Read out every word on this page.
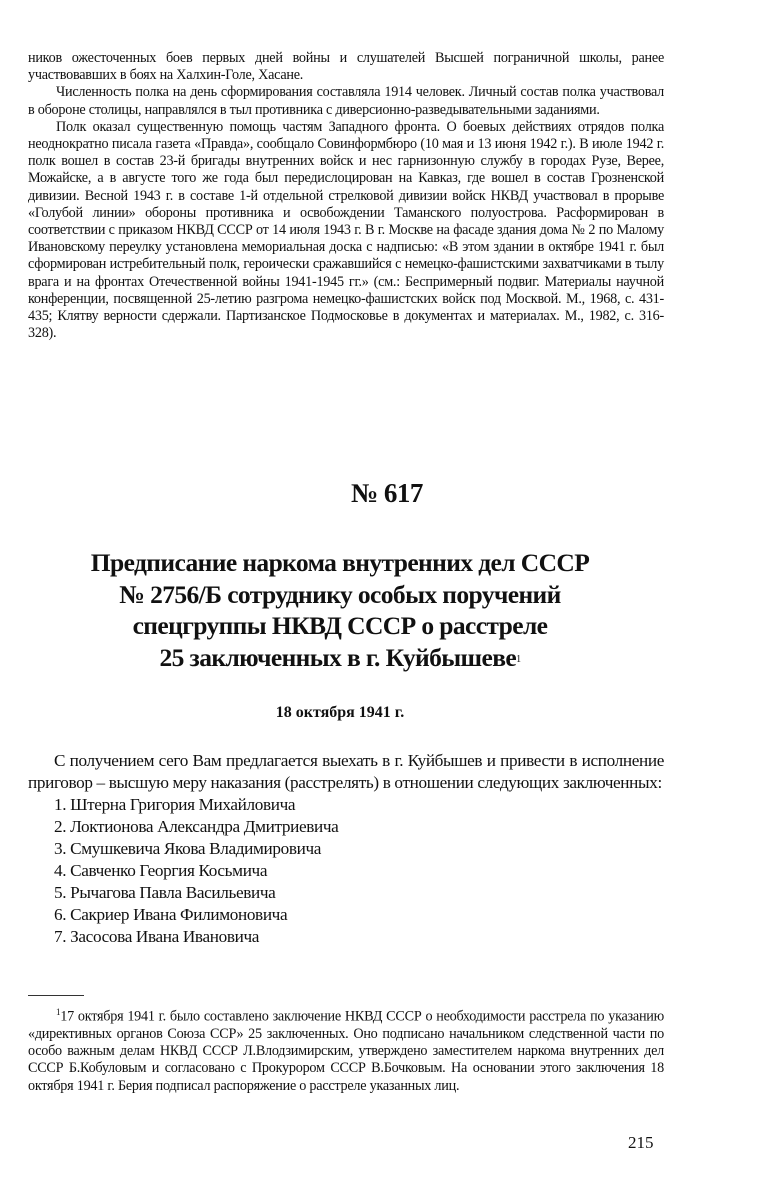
ников ожесточенных боев первых дней войны и слушателей Высшей пограничной школы, ранее участвовавших в боях на Халхин-Голе, Хасане.

Численность полка на день сформирования составляла 1914 человек. Личный состав полка участвовал в обороне столицы, направлялся в тыл противника с диверсионно-разведывательными заданиями.

Полк оказал существенную помощь частям Западного фронта. О боевых действиях отрядов полка неоднократно писала газета «Правда», сообщало Совинформбюро (10 мая и 13 июня 1942 г.). В июле 1942 г. полк вошел в состав 23-й бригады внутренних войск и нес гарнизонную службу в городах Рузе, Верее, Можайске, а в августе того же года был передислоцирован на Кавказ, где вошел в состав Грозненской дивизии. Весной 1943 г. в составе 1-й отдельной стрелковой дивизии войск НКВД участвовал в прорыве «Голубой линии» обороны противника и освобождении Таманского полуострова. Расформирован в соответствии с приказом НКВД СССР от 14 июля 1943 г. В г. Москве на фасаде здания дома № 2 по Малому Ивановскому переулку установлена мемориальная доска с надписью: «В этом здании в октябре 1941 г. был сформирован истребительный полк, героически сражавшийся с немецко-фашистскими захватчиками в тылу врага и на фронтах Отечественной войны 1941-1945 гг.» (см.: Беспримерный подвиг. Материалы научной конференции, посвященной 25-летию разгрома немецко-фашистских войск под Москвой. М., 1968, с. 431-435; Клятву верности сдержали. Партизанское Подмосковье в документах и материалах. М., 1982, с. 316-328).

№ 617
Предписание наркома внутренних дел СССР
№ 2756/Б сотруднику особых поручений
спецгруппы НКВД СССР о расстреле
25 заключенных в г. Куйбышеве$^1$
18 октября 1941 г.

С получением сего Вам предлагается выехать в г. Куйбышев и привести в исполнение приговор – высшую меру наказания (расстрелять) в отношении следующих заключенных:

1. Штерна Григория Михайловича
2. Локтионова Александра Дмитриевича
3. Смушкевича Якова Владимировича
4. Савченко Георгия Косьмича
5. Рычагова Павла Васильевича
6. Сакриер Ивана Филимоновича
7. Засосова Ивана Ивановича

$^1$17 октября 1941 г. было составлено заключение НКВД СССР о необходимости расстрела по указанию «директивных органов Союза ССР» 25 заключенных. Оно подписано начальником следственной части по особо важным делам НКВД СССР Л.Влодзимирским, утверждено заместителем наркома внутренних дел СССР Б.Кобуловым и согласовано с Прокурором СССР В.Бочковым. На основании этого заключения 18 октября 1941 г. Берия подписал распоряжение о расстреле указанных лиц.

215
